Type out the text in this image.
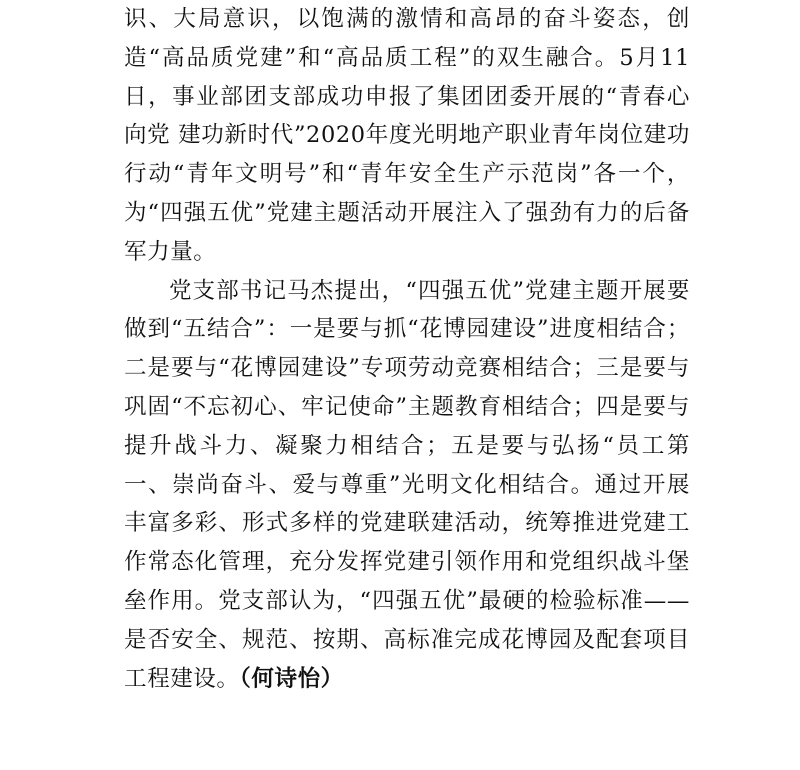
识、大局意识，以饱满的激情和高昂的奋斗姿态，创造“高品质党建”和“高品质工程”的双生融合。5月11日，事业部团支部成功申报了集团团委开展的“青春心向党 建功新时代”2020年度光明地产职业青年岗位建功行动“青年文明号”和“青年安全生产示范岗”各一个，为“四强五优”党建主题活动开展注入了强劲有力的后备军力量。

党支部书记马杰提出，“四强五优”党建主题开展要做到“五结合”：一是要与抓“花博园建设”进度相结合；二是要与“花博园建设”专项劳动竞赛相结合；三是要与巩固“不忘初心、牢记使命”主题教育相结合；四是要与提升战斗力、凝聚力相结合；五是要与弘扬“员工第一、崇尚奋斗、爱与尊重”光明文化相结合。通过开展丰富多彩、形式多样的党建联建活动，统筹推进党建工作常态化管理，充分发挥党建引领作用和党组织战斗堡垒作用。党支部认为，“四强五优”最硬的检验标准——是否安全、规范、按期、高标准完成花博园及配套项目工程建设。（何诗怡）
